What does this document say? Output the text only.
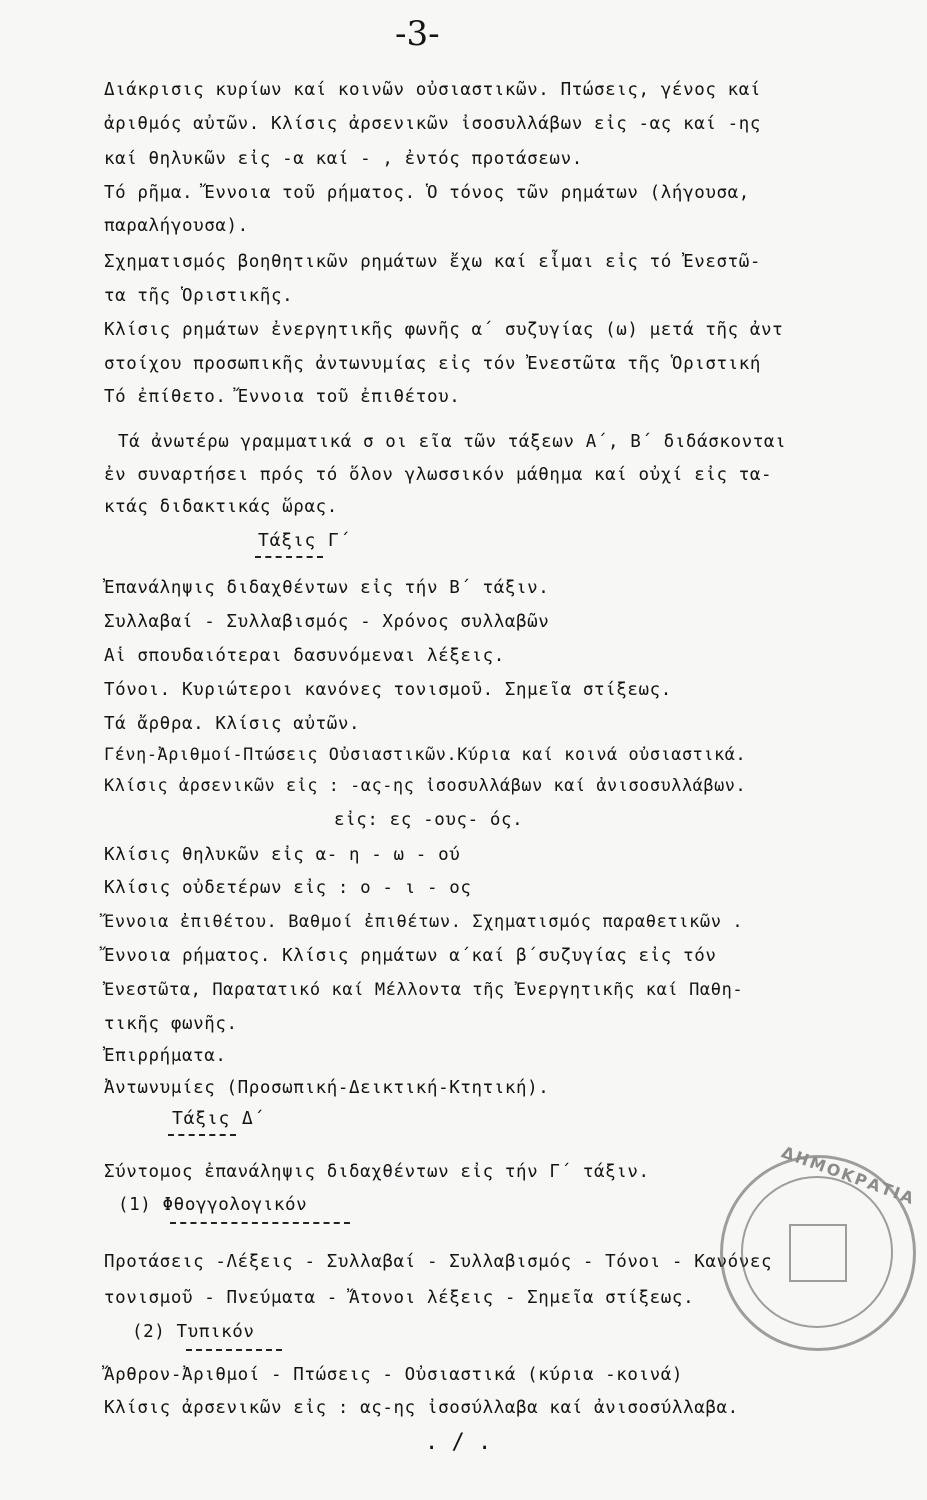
-3-
Διάκρισις κυρίων καί κοινῶν οὐσιαστικῶν. Πτώσεις, γένος καί
ἀριθμός αὐτῶν. Κλίσις ἀρσενικῶν ἰσοσυλλάβων εἰς -ας καί -ης
καί θηλυκῶν εἰς -α καί - , ἐντός προτάσεων.
Τό ρῆμα. Ἔννοια τοῦ ρήματος. Ὁ τόνος τῶν ρημάτων (λήγουσα,
παραλήγουσα).
Σχηματισμός βοηθητικῶν ρημάτων ἔχω καί εἶμαι εἰς τό Ἐνεστῶ-
τα τῆς Ὁριστικῆς.
Κλίσις ρημάτων ἐνεργητικῆς φωνῆς α΄ συζυγίας (ω) μετά τῆς ἀντ
στοίχου προσωπικῆς ἀντωνυμίας εἰς τόν Ἐνεστῶτα τῆς Ὁριστική
Τό ἐπίθετο. Ἔννοια τοῦ ἐπιθέτου.
Τά ἀνωτέρω γραμματικά σ οι εῖα τῶν τάξεων Α΄, Β΄ διδάσκονται
ἐν συναρτήσει πρός τό ὅλον γλωσσικόν μάθημα καί οὐχί εἰς τα-
κτάς διδακτικάς ὥρας.
Τάξις Γ΄
Ἐπανάληψις διδαχθέντων εἰς τήν Β΄ τάξιν.
Συλλαβαί - Συλλαβισμός - Χρόνος συλλαβῶν
Αἱ σπουδαιότεραι δασυνόμεναι λέξεις.
Τόνοι. Κυριώτεροι κανόνες τονισμοῦ. Σημεῖα στίξεως.
Τά ἄρθρα. Κλίσις αὐτῶν.
Γένη-Ἀριθμοί-Πτώσεις Οὐσιαστικῶν.Κύρια καί κοινά οὐσιαστικά.
Κλίσις ἀρσενικῶν εἰς : -ας-ης ἰσοσυλλάβων καί ἀνισοσυλλάβων.
εἰς: ες -ους- ός.
Κλίσις θηλυκῶν εἰς α- η - ω - ού
Κλίσις οὐδετέρων εἰς : ο - ι - ος
Ἔννοια ἐπιθέτου. Βαθμοί ἐπιθέτων. Σχηματισμός παραθετικῶν .
Ἔννοια ρήματος. Κλίσις ρημάτων α΄καί β΄συζυγίας εἰς τόν
Ἐνεστῶτα, Παρατατικό καί Μέλλοντα τῆς Ἐνεργητικῆς καί Παθη-
τικῆς φωνῆς.
Ἐπιρρήματα.
Ἀντωνυμίες (Προσωπική-Δεικτική-Κτητική).
Τάξις Δ΄
Σύντομος ἐπανάληψις διδαχθέντων εἰς τήν Γ΄ τάξιν.
(1) Φθογγολογικόν
Προτάσεις -Λέξεις - Συλλαβαί - Συλλαβισμός - Τόνοι - Κανόνες
τονισμοῦ - Πνεύματα - Ἄτονοι λέξεις - Σημεῖα στίξεως.
(2) Τυπικόν
Ἄρθρον-Ἀριθμοί - Πτώσεις - Οὐσιαστικά (κύρια -κοινά)
Κλίσις ἀρσενικῶν εἰς : ας-ης ἰσοσύλλαβα καί ἀνισοσύλλαβα.
. / .
ΔΗΜΟΚΡΑΤΙΑ
